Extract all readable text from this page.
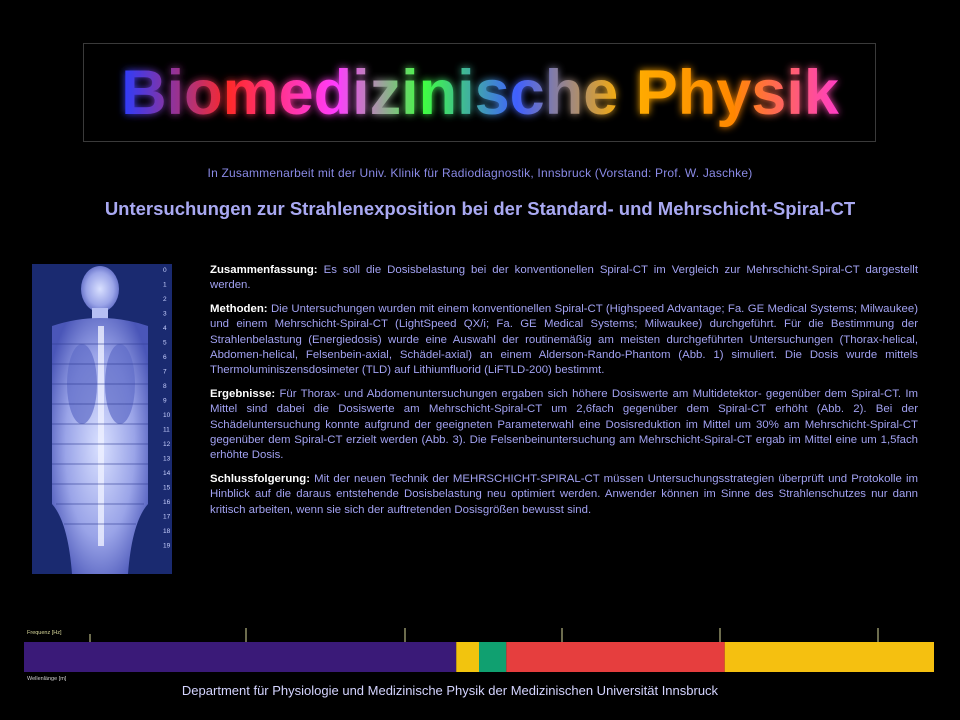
Biomedizinische Physik
In Zusammenarbeit mit der Univ. Klinik für Radiodiagnostik, Innsbruck (Vorstand: Prof. W. Jaschke)
Untersuchungen zur Strahlenexposition bei der Standard- und Mehrschicht-Spiral-CT
0
1
2
3
4
5
6
7
8
9
10
11
12
13
14
15
16
17
18
19

Zusammenfassung: Es soll die Dosisbelastung bei der konventionellen Spiral-CT im Vergleich zur Mehrschicht-Spiral-CT dargestellt werden.

Methoden: Die Untersuchungen wurden mit einem konventionellen Spiral-CT (Highspeed Advantage; Fa. GE Medical Systems; Milwaukee) und einem Mehrschicht-Spiral-CT (LightSpeed QX/i; Fa. GE Medical Systems; Milwaukee) durchgeführt. Für die Bestimmung der Strahlenbelastung (Energiedosis) wurde eine Auswahl der routinemäßig am meisten durchgeführten Untersuchungen (Thorax-helical, Abdomen-helical, Felsenbein-axial, Schädel-axial) an einem Alderson-Rando-Phantom (Abb. 1) simuliert. Die Dosis wurde mittels Thermoluminiszensdosimeter (TLD) auf Lithiumfluorid (LiFTLD-200) bestimmt.

Ergebnisse: Für Thorax- und Abdomenuntersuchungen ergaben sich höhere Dosiswerte am Multidetektor- gegenüber dem Spiral-CT. Im Mittel sind dabei die Dosiswerte am Mehrschicht-Spiral-CT um 2,6fach gegenüber dem Spiral-CT erhöht (Abb. 2). Bei der Schädeluntersuchung konnte aufgrund der geeigneten Parameterwahl eine Dosisreduktion im Mittel um 30% am Mehrschicht-Spiral-CT gegenüber dem Spiral-CT erzielt werden (Abb. 3). Die Felsenbeinuntersuchung am Mehrschicht-Spiral-CT ergab im Mittel eine um 1,5fach erhöhte Dosis.

Schlussfolgerung: Mit der neuen Technik der MEHRSCHICHT-SPIRAL-CT müssen Untersuchungsstrategien überprüft und Protokolle im Hinblick auf die daraus entstehende Dosisbelastung neu optimiert werden. Anwender können im Sinne des Strahlenschutzes nur dann kritisch arbeiten, wenn sie sich der auftretenden Dosisgrößen bewusst sind.

Frequenz [Hz]
Wellenlänge [m]
Department für Physiologie und Medizinische Physik der Medizinischen Universität Innsbruck
